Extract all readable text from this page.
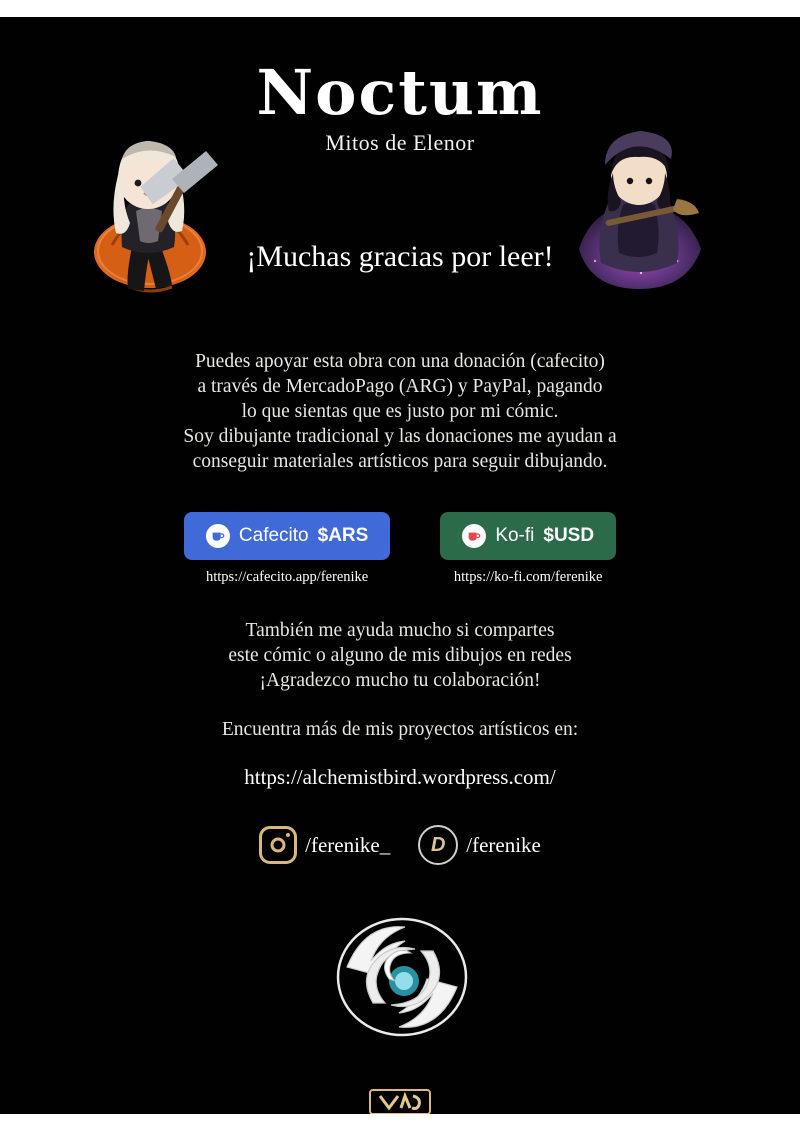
Noctum
Mitos de Elenor
¡Muchas gracias por leer!
Puedes apoyar esta obra con una donación (cafecito)
a través de MercadoPago (ARG) y PayPal, pagando
lo que sientas que es justo por mi cómic.
Soy dibujante tradicional y las donaciones me ayudan a
conseguir materiales artísticos para seguir dibujando.
Cafecito $ARS
https://cafecito.app/ferenike
Ko-fi $USD
https://ko-fi.com/ferenike
También me ayuda mucho si compartes
este cómic o alguno de mis dibujos en redes
¡Agradezco mucho tu colaboración!
Encuentra más de mis proyectos artísticos en:
https://alchemistbird.wordpress.com/
/ferenike_ D /ferenike
